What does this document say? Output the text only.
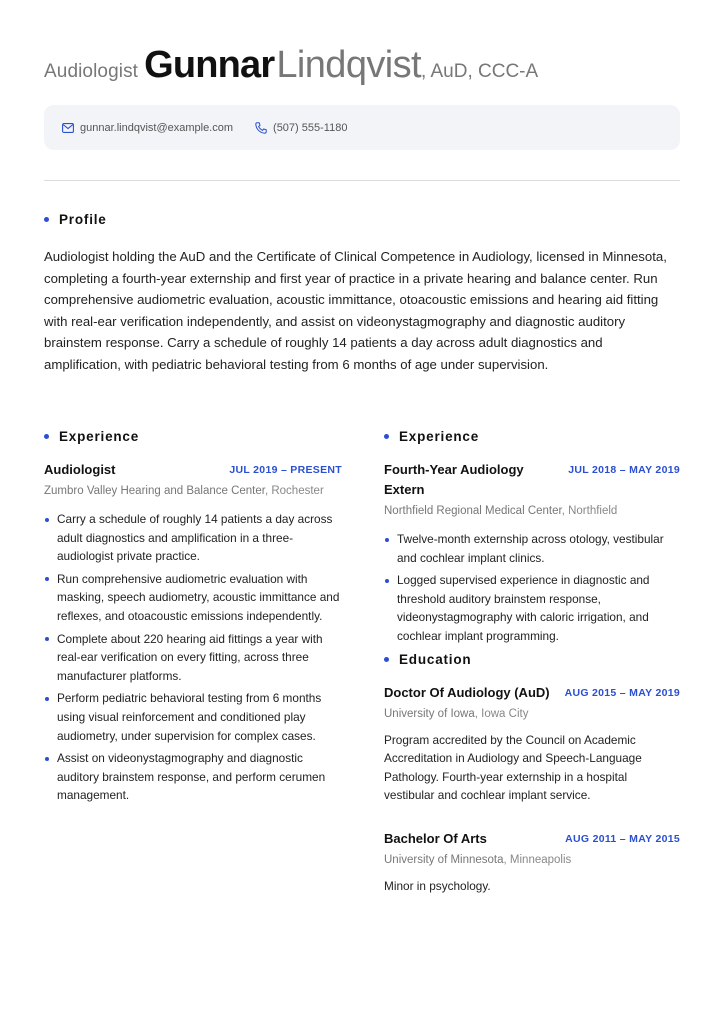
Audiologist GunnarLindqvist, AuD, CCC-A
gunnar.lindqvist@example.com	(507) 555-1180
Profile
Audiologist holding the AuD and the Certificate of Clinical Competence in Audiology, licensed in Minnesota, completing a fourth-year externship and first year of practice in a private hearing and balance center. Run comprehensive audiometric evaluation, acoustic immittance, otoacoustic emissions and hearing aid fitting with real-ear verification independently, and assist on videonystagmography and diagnostic auditory brainstem response. Carry a schedule of roughly 14 patients a day across adult diagnostics and amplification, with pediatric behavioral testing from 6 months of age under supervision.
Experience
Audiologist	JUL 2019 – PRESENT
Zumbro Valley Hearing and Balance Center, Rochester
Carry a schedule of roughly 14 patients a day across adult diagnostics and amplification in a three-audiologist private practice.
Run comprehensive audiometric evaluation with masking, speech audiometry, acoustic immittance and reflexes, and otoacoustic emissions independently.
Complete about 220 hearing aid fittings a year with real-ear verification on every fitting, across three manufacturer platforms.
Perform pediatric behavioral testing from 6 months using visual reinforcement and conditioned play audiometry, under supervision for complex cases.
Assist on videonystagmography and diagnostic auditory brainstem response, and perform cerumen management.
Experience
Fourth-Year Audiology Extern
JUL 2018 – MAY 2019
Northfield Regional Medical Center, Northfield
Twelve-month externship across otology, vestibular and cochlear implant clinics.
Logged supervised experience in diagnostic and threshold auditory brainstem response, videonystagmography with caloric irrigation, and cochlear implant programming.
Education
Doctor Of Audiology (AuD) AUG 2015 – MAY 2019
University of Iowa, Iowa City
Program accredited by the Council on Academic Accreditation in Audiology and Speech-Language Pathology. Fourth-year externship in a hospital vestibular and cochlear implant service.
Bachelor Of Arts	AUG 2011 – MAY 2015
University of Minnesota, Minneapolis
Minor in psychology.
